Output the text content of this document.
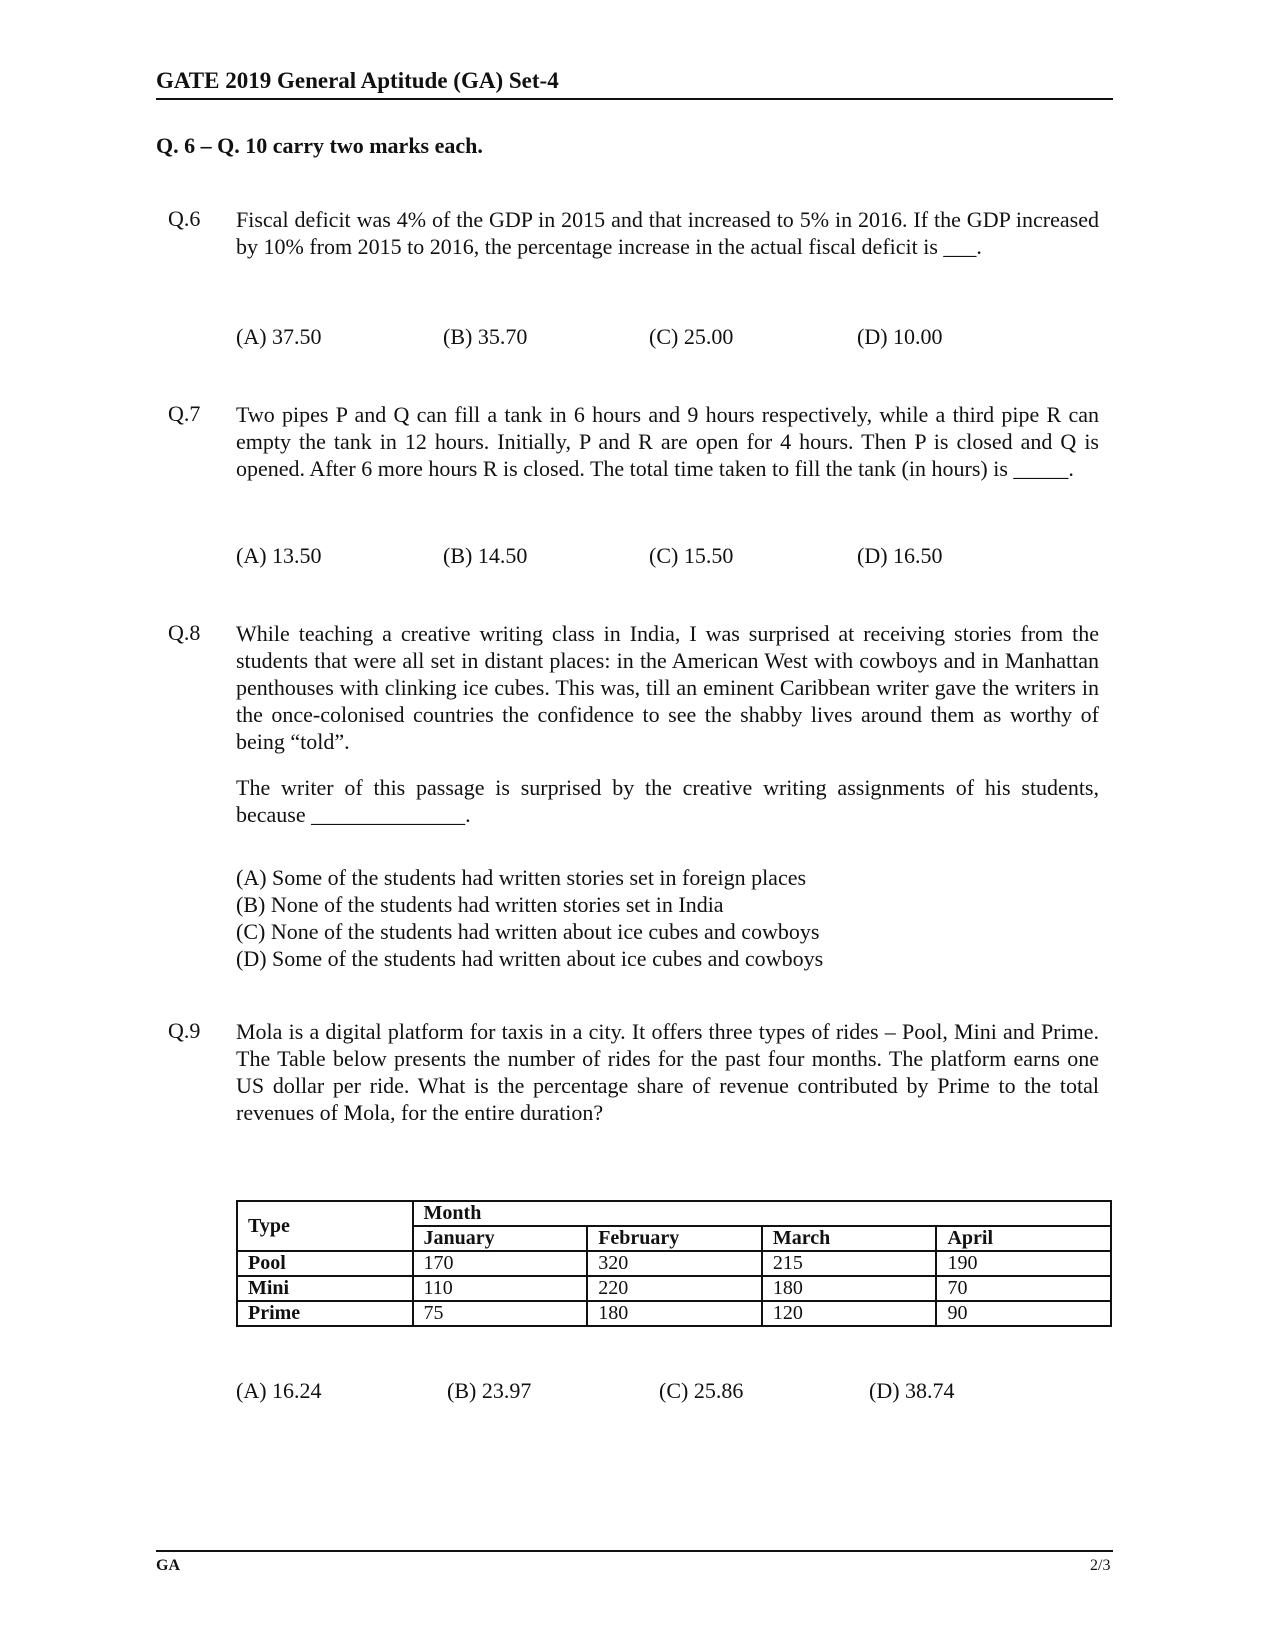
GATE 2019 General Aptitude (GA) Set-4
Q. 6 – Q. 10 carry two marks each.
Q.6 Fiscal deficit was 4% of the GDP in 2015 and that increased to 5% in 2016. If the GDP increased by 10% from 2015 to 2016, the percentage increase in the actual fiscal deficit is ___.
(A) 37.50	(B) 35.70	(C) 25.00	(D) 10.00
Q.7 Two pipes P and Q can fill a tank in 6 hours and 9 hours respectively, while a third pipe R can empty the tank in 12 hours. Initially, P and R are open for 4 hours. Then P is closed and Q is opened. After 6 more hours R is closed. The total time taken to fill the tank (in hours) is _____.
(A) 13.50	(B) 14.50	(C) 15.50	(D) 16.50
Q.8 While teaching a creative writing class in India, I was surprised at receiving stories from the students that were all set in distant places: in the American West with cowboys and in Manhattan penthouses with clinking ice cubes. This was, till an eminent Caribbean writer gave the writers in the once-colonised countries the confidence to see the shabby lives around them as worthy of being “told”.
The writer of this passage is surprised by the creative writing assignments of his students, because ______________.
(A) Some of the students had written stories set in foreign places
(B) None of the students had written stories set in India
(C) None of the students had written about ice cubes and cowboys
(D) Some of the students had written about ice cubes and cowboys
Q.9 Mola is a digital platform for taxis in a city. It offers three types of rides – Pool, Mini and Prime. The Table below presents the number of rides for the past four months. The platform earns one US dollar per ride. What is the percentage share of revenue contributed by Prime to the total revenues of Mola, for the entire duration?
Type	Month			
	January	February	March	April
Pool	170	320	215	190
Mini	110	220	180	70
Prime	75	180	120	90
(A) 16.24	(B) 23.97	(C) 25.86	(D) 38.74
GA	2/3
